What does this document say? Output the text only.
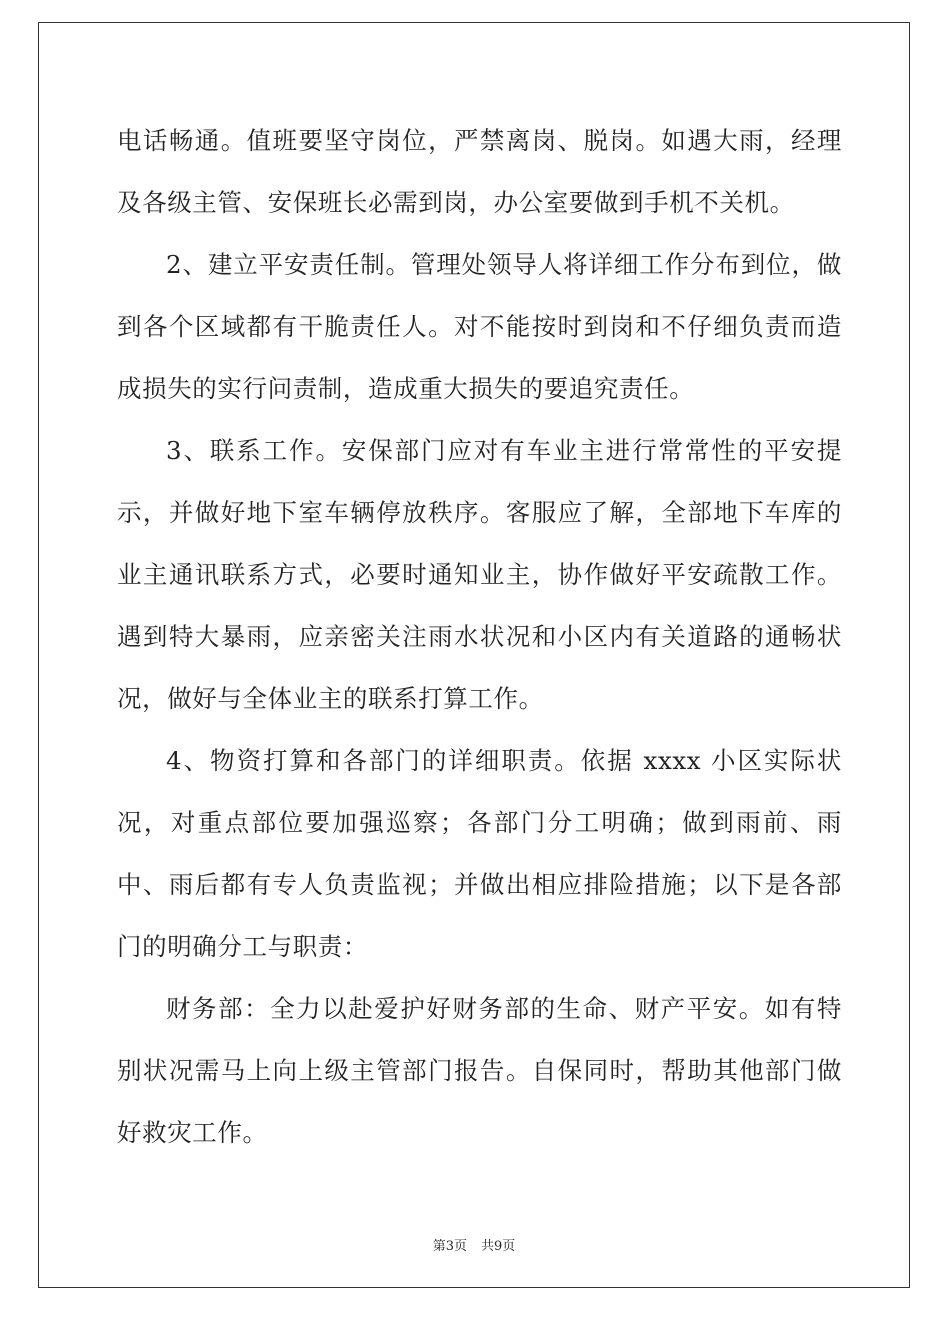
电话畅通。值班要坚守岗位，严禁离岗、脱岗。如遇大雨，经理及各级主管、安保班长必需到岗，办公室要做到手机不关机。

2、建立平安责任制。管理处领导人将详细工作分布到位，做到各个区域都有干脆责任人。对不能按时到岗和不仔细负责而造成损失的实行问责制，造成重大损失的要追究责任。

3、联系工作。安保部门应对有车业主进行常常性的平安提示，并做好地下室车辆停放秩序。客服应了解，全部地下车库的业主通讯联系方式，必要时通知业主，协作做好平安疏散工作。遇到特大暴雨，应亲密关注雨水状况和小区内有关道路的通畅状况，做好与全体业主的联系打算工作。

4、物资打算和各部门的详细职责。依据 xxxx 小区实际状况，对重点部位要加强巡察；各部门分工明确；做到雨前、雨中、雨后都有专人负责监视；并做出相应排险措施；以下是各部门的明确分工与职责：

财务部：全力以赴爱护好财务部的生命、财产平安。如有特别状况需马上向上级主管部门报告。自保同时，帮助其他部门做好救灾工作。

第3页 共9页
